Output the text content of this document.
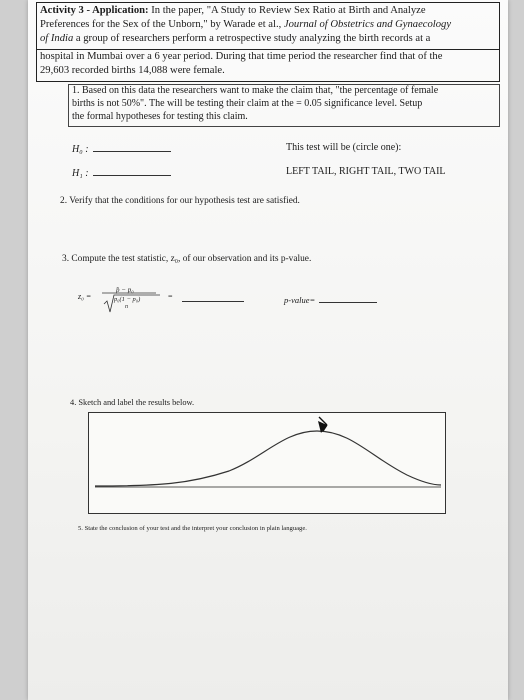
Activity 3 - Application: In the paper, "A Study to Review Sex Ratio at Birth and Analyze
Preferences for the Sex of the Unborn," by Warade et al., Journal of Obstetrics and Gynaecology
of India a group of researchers perform a retrospective study analyzing the birth records at a
hospital in Mumbai over a 6 year period. During that time period the researcher find that of the
29,603 recorded births 14,088 were female.
1. Based on this data the researchers want to make the claim that, "the percentage of female
births is not 50%". The will be testing their claim at the = 0.05 significance level. Setup
the formal hypotheses for testing this claim.
H₀ :
H₁ :
This test will be (circle one):
LEFT TAIL, RIGHT TAIL, TWO TAIL
2. Verify that the conditions for our hypothesis test are satisfied.
3. Compute the test statistic, z₀, of our observation and its p-value.
z₀ =
p̂ − p₀
p₀(1 − p₀)
n
=	p-value=
4. Sketch and label the results below.
5. State the conclusion of your test and the interpret your conclusion in plain language.
